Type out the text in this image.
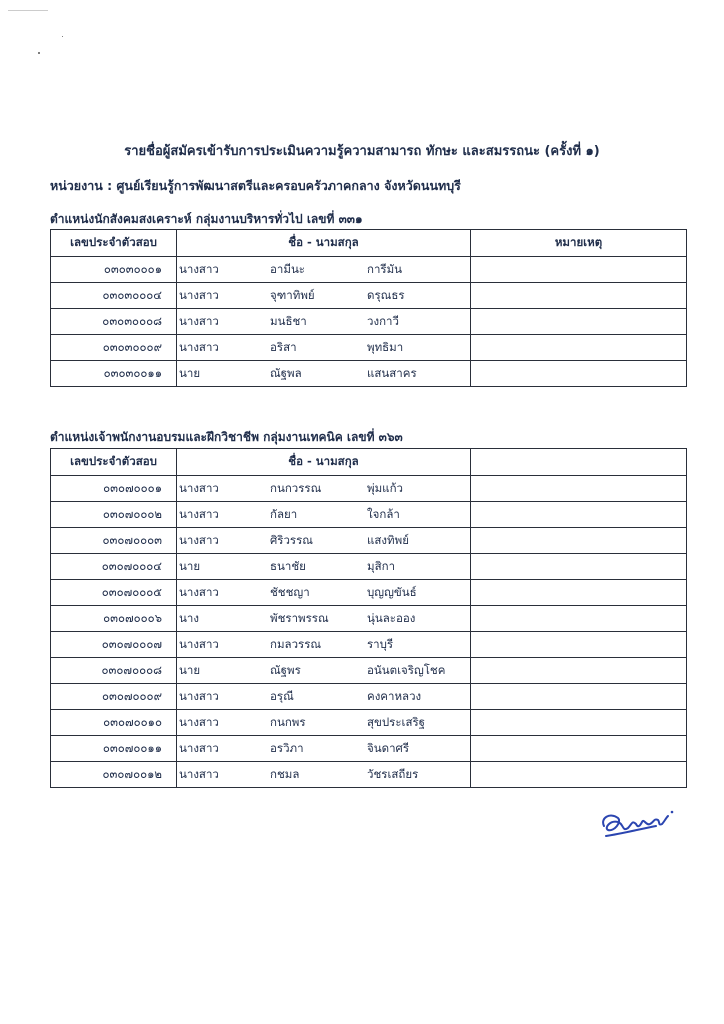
รายชื่อผู้สมัครเข้ารับการประเมินความรู้ความสามารถ ทักษะ และสมรรถนะ (ครั้งที่ ๑)
หน่วยงาน : ศูนย์เรียนรู้การพัฒนาสตรีและครอบครัวภาคกลาง จังหวัดนนทบุรี
ตำแหน่งนักสังคมสงเคราะห์ กลุ่มงานบริหารทั่วไป เลขที่ ๓๓๑
เลขประจำตัวสอบ	ชื่อ - นามสกุล	หมายเหตุ
๐๓๐๓๐๐๐๑	นางสาว อามีนะ การีมัน	

๐๓๐๓๐๐๐๔	นางสาว จุฑาทิพย์ ดรุณธร	

๐๓๐๓๐๐๐๘	นางสาว มนธิชา วงกาวี	

๐๓๐๓๐๐๐๙	นางสาว อริสา พุทธิมา	

๐๓๐๓๐๐๑๑	นาย ณัฐพล แสนสาคร	

ตำแหน่งเจ้าพนักงานอบรมและฝึกวิชาชีพ กลุ่มงานเทคนิค เลขที่ ๓๖๓
เลขประจำตัวสอบ	ชื่อ - นามสกุล	
๐๓๐๗๐๐๐๑	นางสาว กนกวรรณ พุ่มแก้ว	

๐๓๐๗๐๐๐๒	นางสาว กัลยา ใจกล้า	

๐๓๐๗๐๐๐๓	นางสาว ศิริวรรณ แสงทิพย์	

๐๓๐๗๐๐๐๔	นาย ธนาชัย มุสิกา	

๐๓๐๗๐๐๐๕	นางสาว ชัชชญา บุญญขันธ์	

๐๓๐๗๐๐๐๖	นาง พัชราพรรณ นุ่นละออง	

๐๓๐๗๐๐๐๗	นางสาว กมลวรรณ ราบุรี	

๐๓๐๗๐๐๐๘	นาย ณัฐพร อนันตเจริญโชค	

๐๓๐๗๐๐๐๙	นางสาว อรุณี คงคาหลวง	

๐๓๐๗๐๐๑๐	นางสาว กนกพร สุขประเสริฐ	

๐๓๐๗๐๐๑๑	นางสาว อรวิภา จินดาศรี	

๐๓๐๗๐๐๑๒	นางสาว กชมล วัชรเสถียร	
